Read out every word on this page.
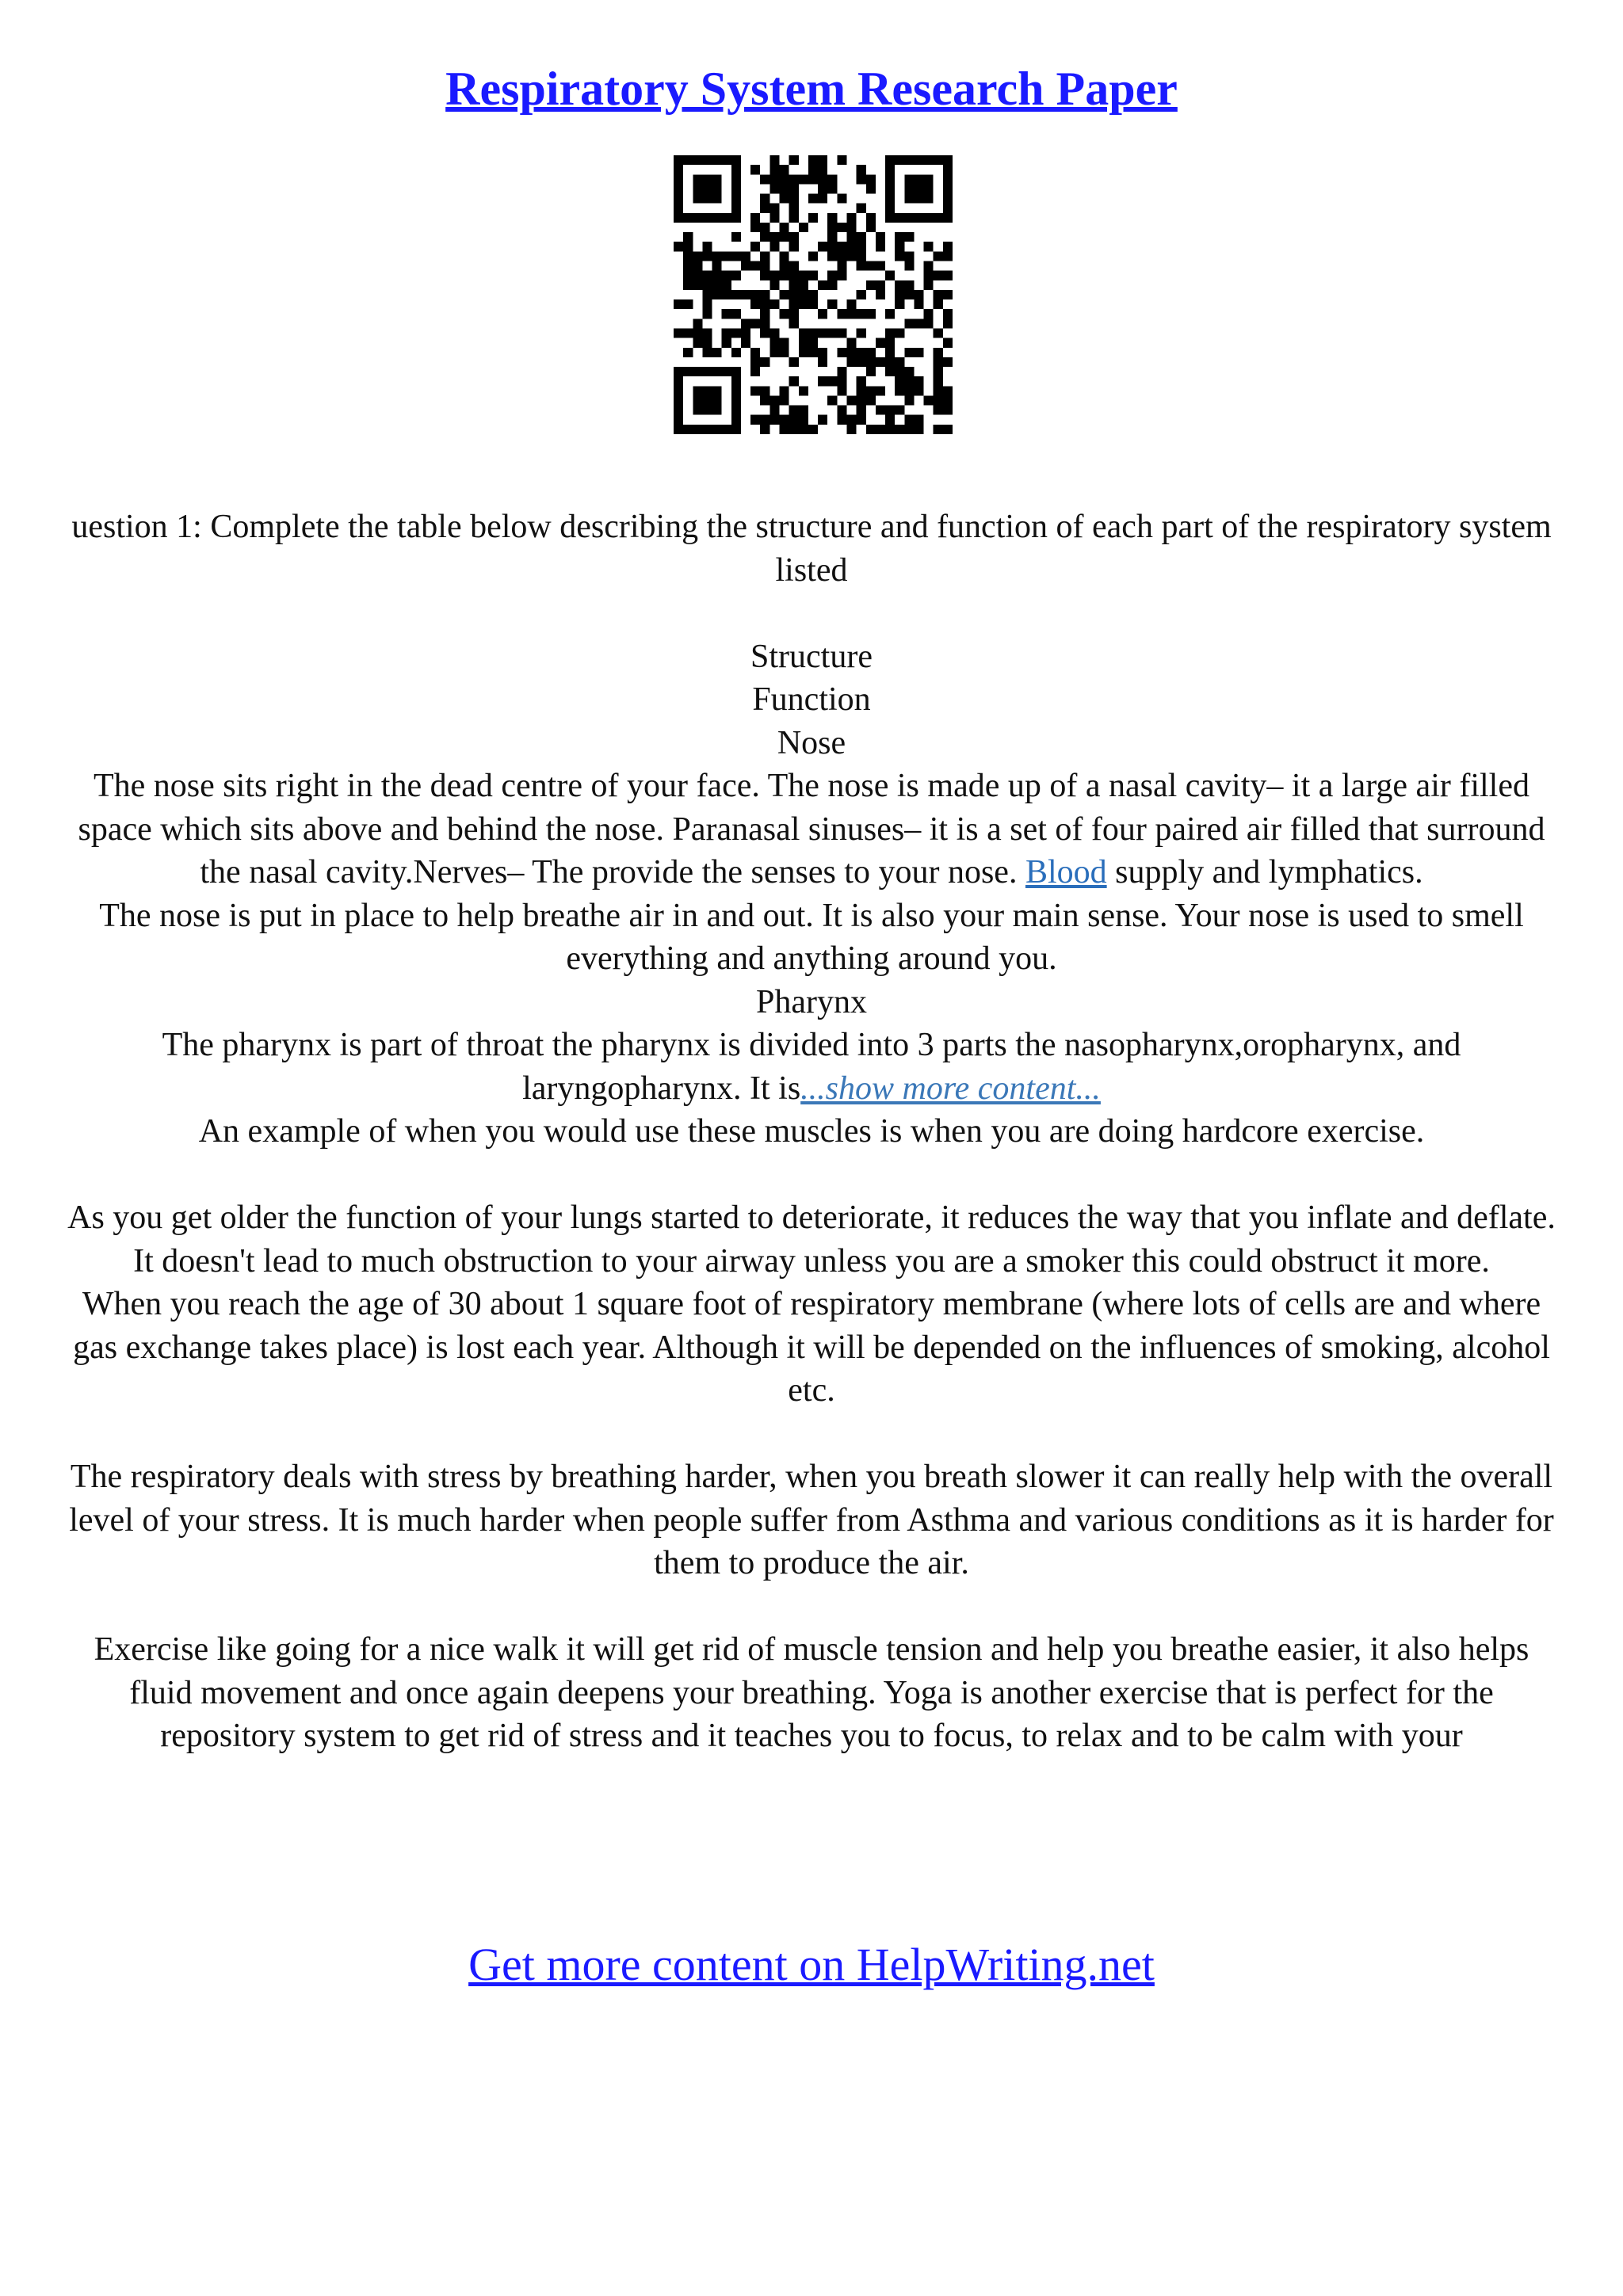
Respiratory System Research Paper

uestion 1: Complete the table below describing the structure and function of each part of the respiratory system listed

Structure

Function

Nose

The nose sits right in the dead centre of your face. The nose is made up of a nasal cavity– it a large air filled space which sits above and behind the nose. Paranasal sinuses– it is a set of four paired air filled that surround the nasal cavity.Nerves– The provide the senses to your nose. Blood supply and lymphatics.

The nose is put in place to help breathe air in and out. It is also your main sense. Your nose is used to smell everything and anything around you.

Pharynx

The pharynx is part of throat the pharynx is divided into 3 parts the nasopharynx,oropharynx, and laryngopharynx. It is...show more content...

An example of when you would use these muscles is when you are doing hardcore exercise.

As you get older the function of your lungs started to deteriorate, it reduces the way that you inflate and deflate. It doesn't lead to much obstruction to your airway unless you are a smoker this could obstruct it more.

When you reach the age of 30 about 1 square foot of respiratory membrane (where lots of cells are and where gas exchange takes place) is lost each year. Although it will be depended on the influences of smoking, alcohol etc.

The respiratory deals with stress by breathing harder, when you breath slower it can really help with the overall level of your stress. It is much harder when people suffer from Asthma and various conditions as it is harder for them to produce the air.

Exercise like going for a nice walk it will get rid of muscle tension and help you breathe easier, it also helps fluid movement and once again deepens your breathing. Yoga is another exercise that is perfect for the repository system to get rid of stress and it teaches you to focus, to relax and to be calm with your

Get more content on HelpWriting.net
